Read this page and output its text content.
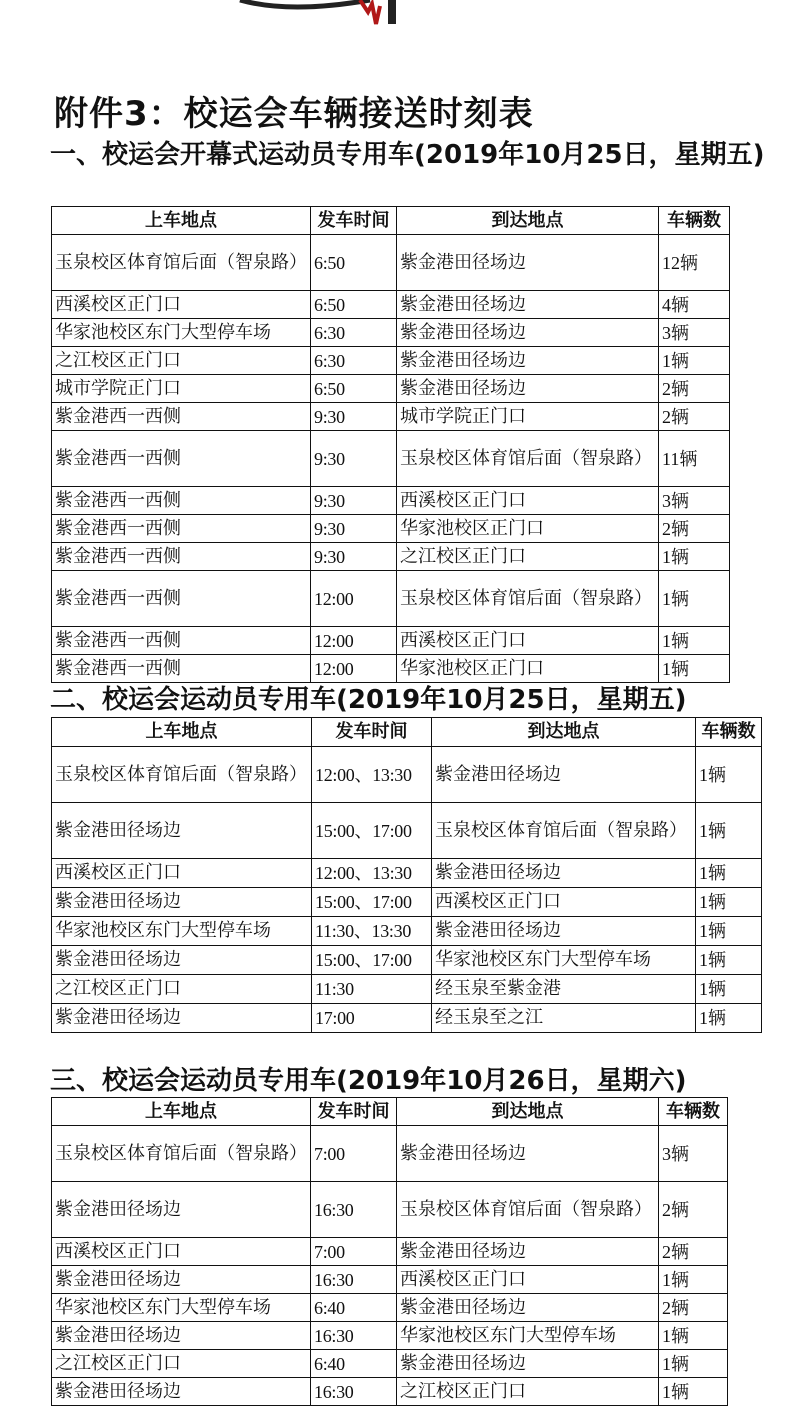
附件3：校运会车辆接送时刻表
一、校运会开幕式运动员专用车(2019年10月25日，星期五)
上车地点	发车时间	到达地点	车辆数
玉泉校区体育馆后面（智泉路）	6:50	紫金港田径场边	12辆
西溪校区正门口	6:50	紫金港田径场边	4辆
华家池校区东门大型停车场	6:30	紫金港田径场边	3辆
之江校区正门口	6:30	紫金港田径场边	1辆
城市学院正门口	6:50	紫金港田径场边	2辆
紫金港西一西侧	9:30	城市学院正门口	2辆
紫金港西一西侧	9:30	玉泉校区体育馆后面（智泉路）	11辆
紫金港西一西侧	9:30	西溪校区正门口	3辆
紫金港西一西侧	9:30	华家池校区正门口	2辆
紫金港西一西侧	9:30	之江校区正门口	1辆
紫金港西一西侧	12:00	玉泉校区体育馆后面（智泉路）	1辆
紫金港西一西侧	12:00	西溪校区正门口	1辆
紫金港西一西侧	12:00	华家池校区正门口	1辆
二、校运会运动员专用车(2019年10月25日，星期五)
上车地点	发车时间	到达地点	车辆数
玉泉校区体育馆后面（智泉路）	12:00、13:30	紫金港田径场边	1辆
紫金港田径场边	15:00、17:00	玉泉校区体育馆后面（智泉路）	1辆
西溪校区正门口	12:00、13:30	紫金港田径场边	1辆
紫金港田径场边	15:00、17:00	西溪校区正门口	1辆
华家池校区东门大型停车场	11:30、13:30	紫金港田径场边	1辆
紫金港田径场边	15:00、17:00	华家池校区东门大型停车场	1辆
之江校区正门口	11:30	经玉泉至紫金港	1辆
紫金港田径场边	17:00	经玉泉至之江	1辆
三、校运会运动员专用车(2019年10月26日，星期六)
上车地点	发车时间	到达地点	车辆数
玉泉校区体育馆后面（智泉路）	7:00	紫金港田径场边	3辆
紫金港田径场边	16:30	玉泉校区体育馆后面（智泉路）	2辆
西溪校区正门口	7:00	紫金港田径场边	2辆
紫金港田径场边	16:30	西溪校区正门口	1辆
华家池校区东门大型停车场	6:40	紫金港田径场边	2辆
紫金港田径场边	16:30	华家池校区东门大型停车场	1辆
之江校区正门口	6:40	紫金港田径场边	1辆
紫金港田径场边	16:30	之江校区正门口	1辆
